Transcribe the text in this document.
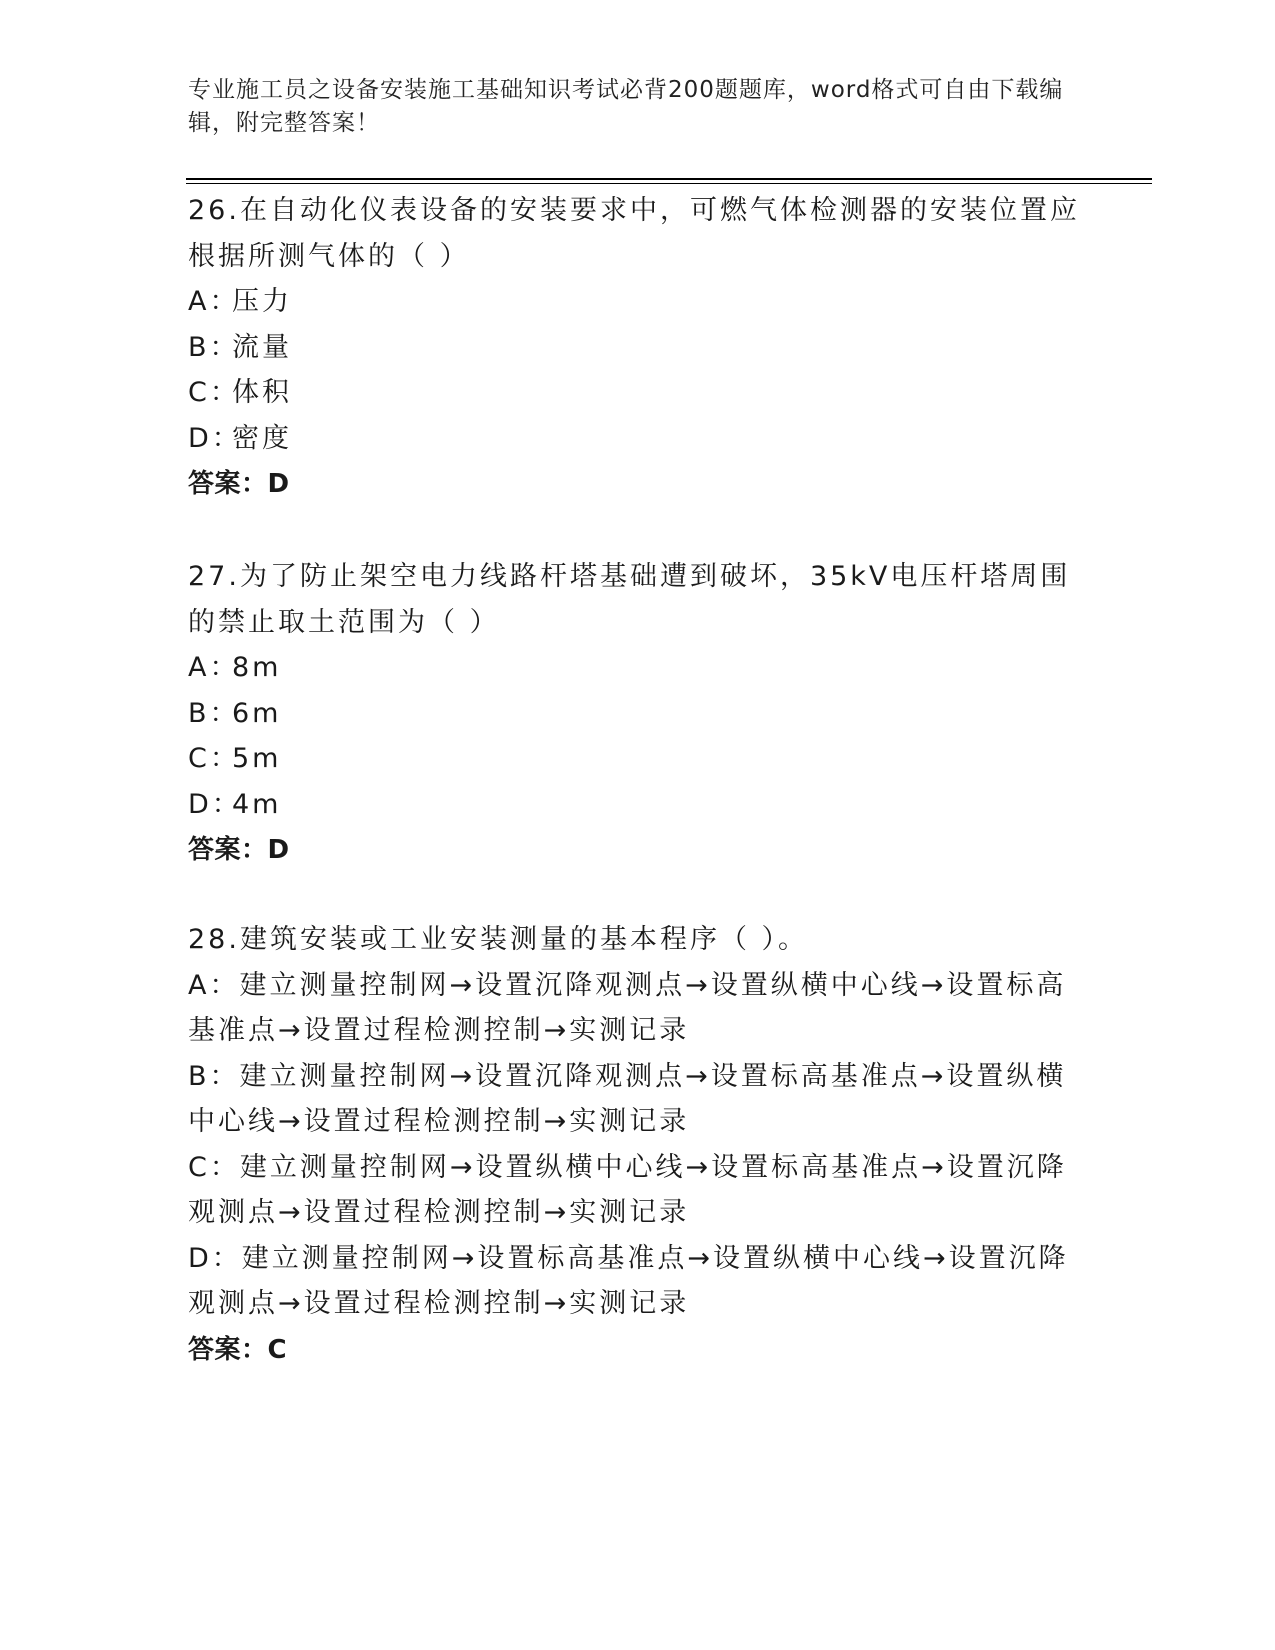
专业施工员之设备安装施工基础知识考试必背200题题库，word格式可自由下载编辑，附完整答案！
26.在自动化仪表设备的安装要求中，可燃气体检测器的安装位置应根据所测气体的（ ）
A：压力
B：流量
C：体积
D：密度
答案：D
27.为了防止架空电力线路杆塔基础遭到破坏，35kV电压杆塔周围的禁止取土范围为（ ）
A：8m
B：6m
C：5m
D：4m
答案：D
28.建筑安装或工业安装测量的基本程序（ ）。
A：建立测量控制网→设置沉降观测点→设置纵横中心线→设置标高基准点→设置过程检测控制→实测记录
B：建立测量控制网→设置沉降观测点→设置标高基准点→设置纵横中心线→设置过程检测控制→实测记录
C：建立测量控制网→设置纵横中心线→设置标高基准点→设置沉降观测点→设置过程检测控制→实测记录
D：建立测量控制网→设置标高基准点→设置纵横中心线→设置沉降观测点→设置过程检测控制→实测记录
答案：C
